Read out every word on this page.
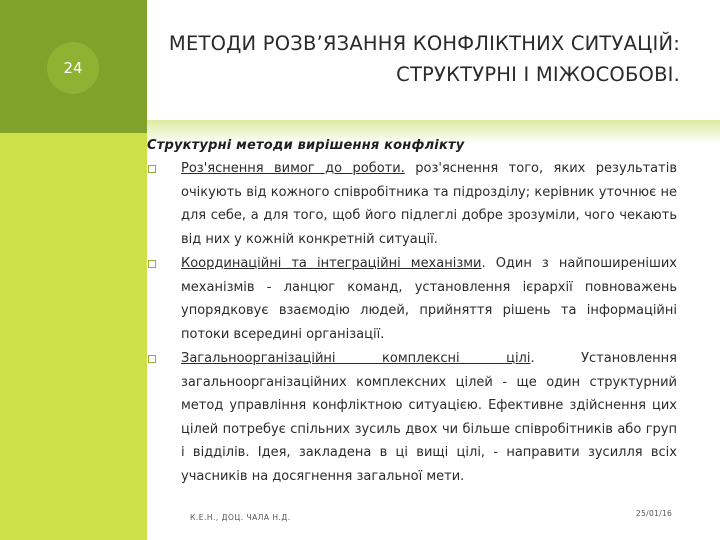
24
МЕТОДИ РОЗВ’ЯЗАННЯ КОНФЛІКТНИХ СИТУАЦІЙ: СТРУКТУРНІ І МІЖОСОБОВІ.
Структурні методи вирішення конфлікту
Роз'яснення вимог до роботи. роз'яснення того, яких результатів очікують від кожного співробітника та підрозділу; керівник уточнює не для себе, а для того, щоб його підлеглі добре зрозуміли, чого чекають від них у кожній конкретній ситуації.
Координаційні та інтеграційні механізми. Один з найпоширеніших механізмів - ланцюг команд, установлення ієрархії повноважень упорядковує взаємодію людей, прийняття рішень та інформаційні потоки всередині організації.
Загальноорганізаційні комплексні цілі. Установлення загальноорганізаційних комплексних цілей - ще один структурний метод управління конфліктною ситуацією. Ефективне здійснення цих цілей потребує спільних зусиль двох чи більше співробітників або груп і відділів. Ідея, закладена в ці вищі цілі, - направити зусилля всіх учасників на досягнення загальної мети.
К.Е.Н., ДОЦ. ЧАЛА Н.Д.	25/01/16
